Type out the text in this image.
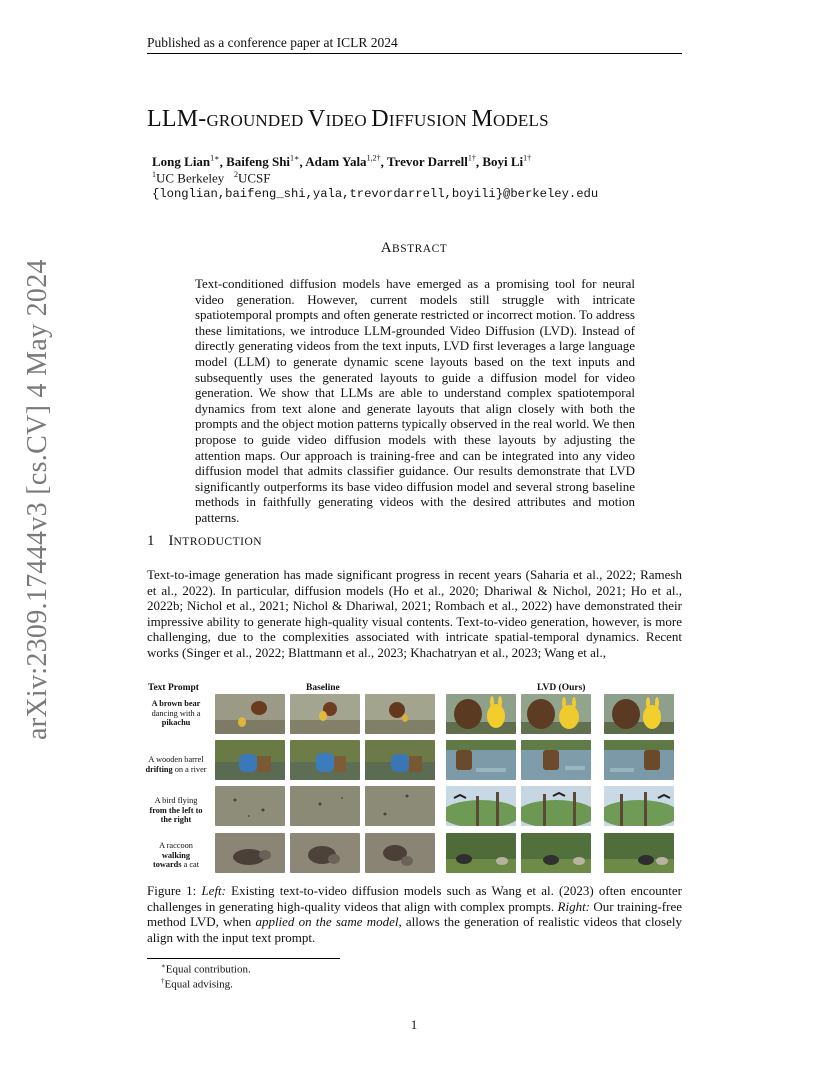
Published as a conference paper at ICLR 2024
LLM-GROUNDED VIDEO DIFFUSION MODELS
Long Lian$^{1∗}$, Baifeng Shi$^{1∗}$, Adam Yala$^{1,2\dagger}$, Trevor Darrell$^{1\dagger}$, Boyi $Li^{1\dagger}$
$^1$UC Berkeley $^2$UCSF
{longlian,baifeng_shi,yala,trevordarrell,boyili}@berkeley.edu
ABSTRACT
Text-conditioned diffusion models have emerged as a promising tool for neural video generation. However, current models still struggle with intricate spatiotemporal prompts and often generate restricted or incorrect motion. To address these limitations, we introduce LLM-grounded Video Diffusion (LVD). Instead of directly generating videos from the text inputs, LVD first leverages a large language model (LLM) to generate dynamic scene layouts based on the text inputs and subsequently uses the generated layouts to guide a diffusion model for video generation. We show that LLMs are able to understand complex spatiotemporal dynamics from text alone and generate layouts that align closely with both the prompts and the object motion patterns typically observed in the real world. We then propose to guide video diffusion models with these layouts by adjusting the attention maps. Our approach is training-free and can be integrated into any video diffusion model that admits classifier guidance. Our results demonstrate that LVD significantly outperforms its base video diffusion model and several strong baseline methods in faithfully generating videos with the desired attributes and motion patterns.
1 INTRODUCTION
Text-to-image generation has made significant progress in recent years (Saharia et al., 2022; Ramesh et al., 2022). In particular, diffusion models (Ho et al., 2020; Dhariwal & Nichol, 2021; Ho et al., 2022b; Nichol et al., 2021; Nichol & Dhariwal, 2021; Rombach et al., 2022) have demonstrated their impressive ability to generate high-quality visual contents. Text-to-video generation, however, is more challenging, due to the complexities associated with intricate spatial-temporal dynamics. Recent works (Singer et al., 2022; Blattmann et al., 2023; Khachatryan et al., 2023; Wang et al.,
arXiv:2309.17444v3 [cs.CV] 4 May 2024	Text Prompt	Baseline	LVD (Ours)
A brown bear
dancing with a pikachu
A wooden barrel
drifting on a river
A bird flying
from the left to the right
A raccoon
walking
towards a cat
Figure 1: Left: Existing text-to-video diffusion models such as Wang et al. (2023) often encounter challenges in generating high-quality videos that align with complex prompts. Right: Our training-free method LVD, when applied on the same model, allows the generation of realistic videos that closely align with the input text prompt.
∗Equal contribution.
†Equal advising.
1
